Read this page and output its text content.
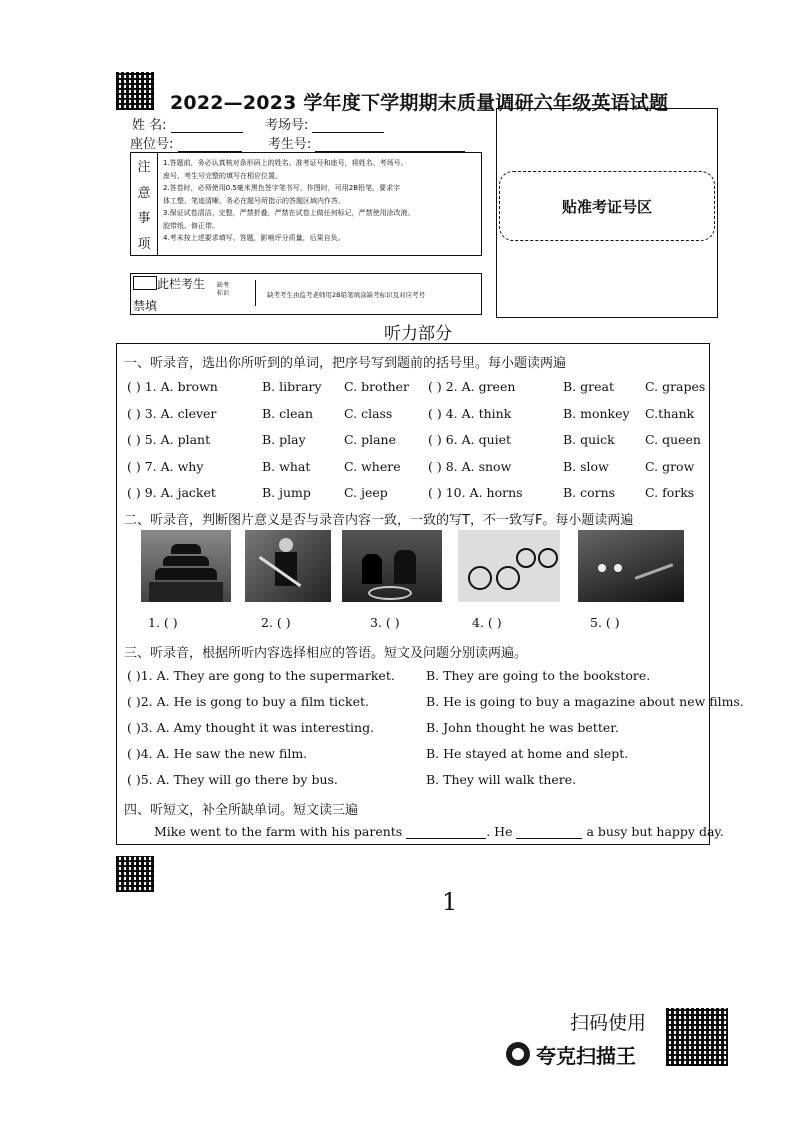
2022—2023 学年度下学期期末质量调研六年级英语试题
姓 名:	考场号:
座位号:	考生号:
注
意
事
项
1.答题前，务必认真核对条形码上的姓名、准考证号和座号，将姓名、考场号、
座号、考生号完整的填写在相应位置。
2.答卷时，必须使用0.5毫米黑色签字笔书写，作图时，可用2B铅笔，要求字
体工整、笔迹清晰。务必在题号所指示的答题区域内作答。
3.保证试卷清洁、完整，严禁折叠，严禁在试卷上做任何标记，严禁使用涂改液、
胶带纸、修正带。
4.考未按上述要求填写、答题，影响评分质量，后果自负。
贴准考证号区
此栏考生
禁填
缺考标识	缺考考生由监考老师用2B铅笔填涂缺考标识及对应考号
听力部分
一、听录音，选出你所听到的单词，把序号写到题前的括号里。每小题读两遍
( ) 1. A. brown	B. library C. brother ( ) 2. A. green	B. great C. grapes
( ) 3. A. clever	B. clean C. class	( ) 4. A. think	B. monkey C.thank
( ) 5. A. plant	B. play	C. plane	( ) 6. A. quiet	B. quick C. queen
( ) 7. A. why	B. what	C. where ( ) 8. A. snow	B. slow	C. grow
( ) 9. A. jacket	B. jump	C. jeep	( ) 10. A. horns	B. corns C. forks
二、听录音，判断图片意义是否与录音内容一致，一致的写T，不一致写F。每小题读两遍
1. ( )	2. ( )	3. ( )	4. ( )	5. ( )
三、听录音，根据所听内容选择相应的答语。短文及问题分别读两遍。
( )1. A. They are gong to the supermarket. B. They are going to the bookstore.
( )2. A. He is gong to buy a film ticket.	B. He is going to buy a magazine about new films.
( )3. A. Amy thought it was interesting.	B. John thought he was better.
( )4. A. He saw the new film.	B. He stayed at home and slept.
( )5. A. They will go there by bus.	B. They will walk there.
四、听短文，补全所缺单词。短文读三遍
Mike went to the farm with his parents	. He	a busy but happy day.
1
扫码使用
夸克扫描王
